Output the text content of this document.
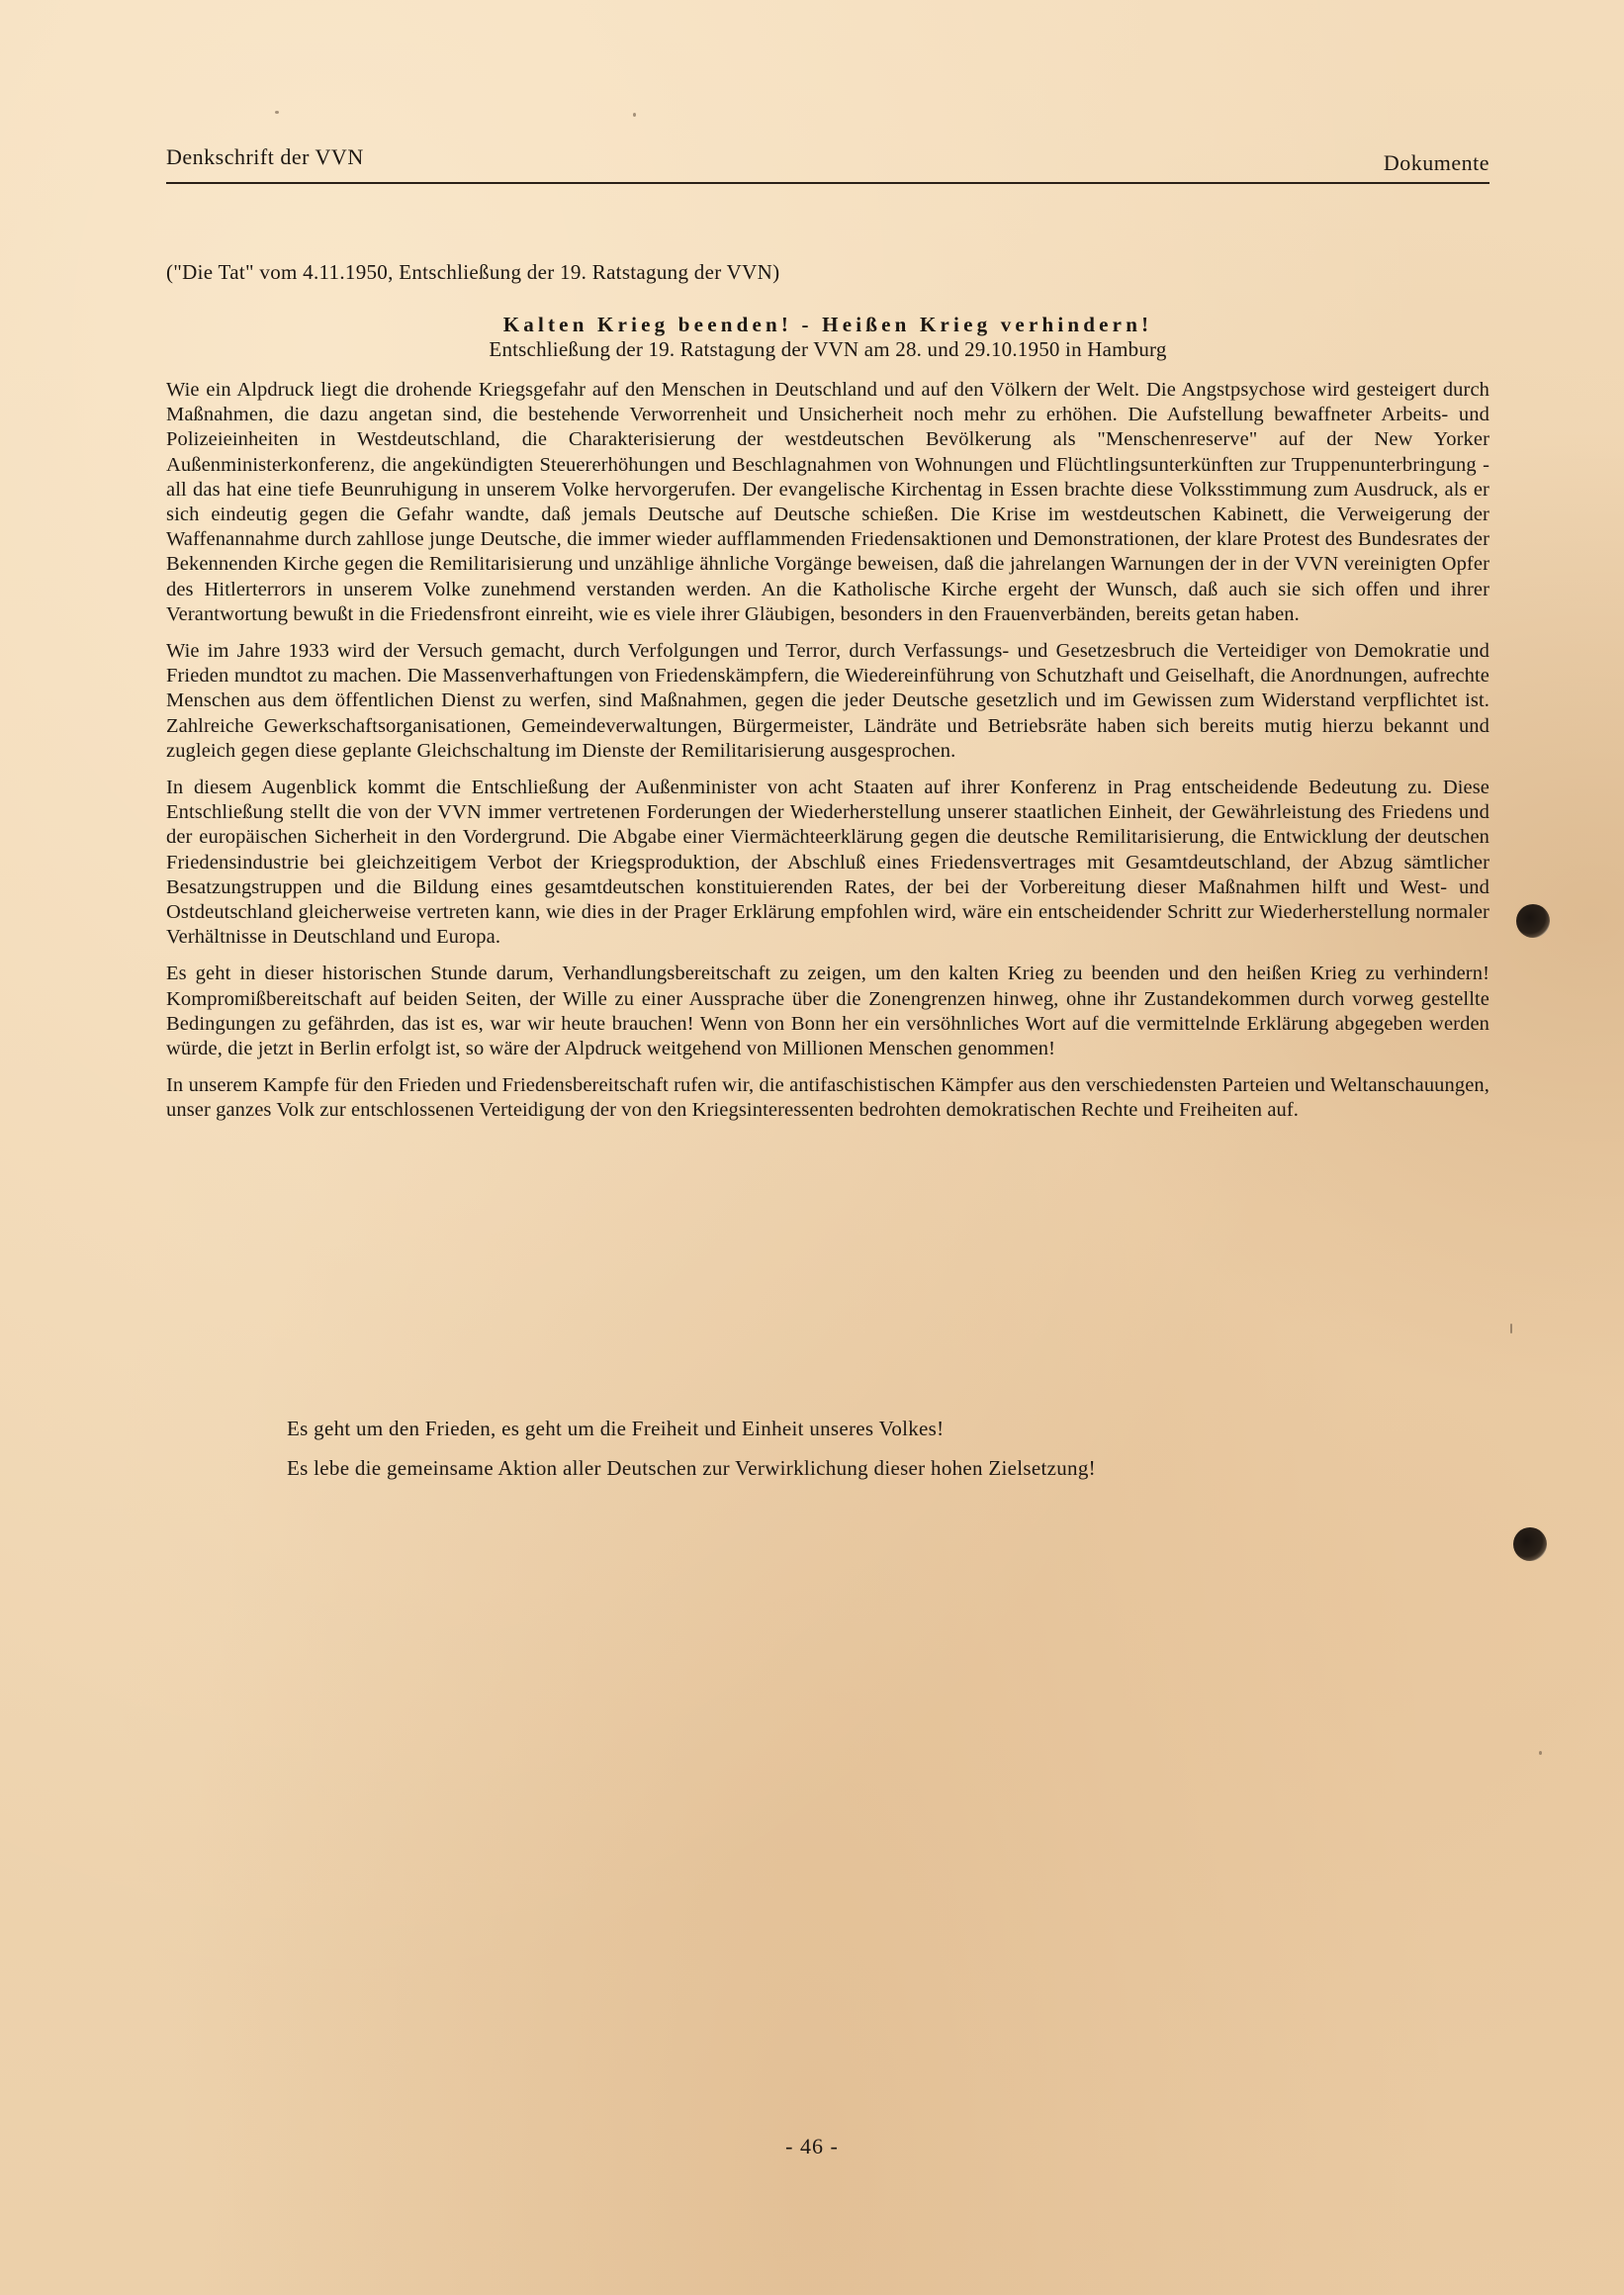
Denkschrift der VVN	Dokumente
("Die Tat" vom 4.11.1950, Entschließung der 19. Ratstagung der VVN)
Kalten Krieg beenden! - Heißen Krieg verhindern!
Entschließung der 19. Ratstagung der VVN am 28. und 29.10.1950 in Hamburg

Wie ein Alpdruck liegt die drohende Kriegsgefahr auf den Menschen in Deutschland und auf den Völkern der Welt. Die Angstpsychose wird gesteigert durch Maßnahmen, die dazu angetan sind, die bestehende Verworrenheit und Unsicherheit noch mehr zu erhöhen. Die Aufstellung bewaffneter Arbeits- und Polizeieinheiten in Westdeutschland, die Charakterisierung der westdeutschen Bevölkerung als "Menschenreserve" auf der New Yorker Außenministerkonferenz, die angekündigten Steuererhöhungen und Beschlagnahmen von Wohnungen und Flüchtlingsunterkünften zur Truppenunterbringung - all das hat eine tiefe Beunruhigung in unserem Volke hervorgerufen. Der evangelische Kirchentag in Essen brachte diese Volksstimmung zum Ausdruck, als er sich eindeutig gegen die Gefahr wandte, daß jemals Deutsche auf Deutsche schießen. Die Krise im westdeutschen Kabinett, die Verweigerung der Waffenannahme durch zahllose junge Deutsche, die immer wieder aufflammenden Friedensaktionen und Demonstrationen, der klare Protest des Bundesrates der Bekennenden Kirche gegen die Remilitarisierung und unzählige ähnliche Vorgänge beweisen, daß die jahrelangen Warnungen der in der VVN vereinigten Opfer des Hitlerterrors in unserem Volke zunehmend verstanden werden. An die Katholische Kirche ergeht der Wunsch, daß auch sie sich offen und ihrer Verantwortung bewußt in die Friedensfront einreiht, wie es viele ihrer Gläubigen, besonders in den Frauenverbänden, bereits getan haben.

Wie im Jahre 1933 wird der Versuch gemacht, durch Verfolgungen und Terror, durch Verfassungs- und Gesetzesbruch die Verteidiger von Demokratie und Frieden mundtot zu machen. Die Massenverhaftungen von Friedenskämpfern, die Wiedereinführung von Schutzhaft und Geiselhaft, die Anordnungen, aufrechte Menschen aus dem öffentlichen Dienst zu werfen, sind Maßnahmen, gegen die jeder Deutsche gesetzlich und im Gewissen zum Widerstand verpflichtet ist. Zahlreiche Gewerkschaftsorganisationen, Gemeindeverwaltungen, Bürgermeister, Ländräte und Betriebsräte haben sich bereits mutig hierzu bekannt und zugleich gegen diese geplante Gleichschaltung im Dienste der Remilitarisierung ausgesprochen.

In diesem Augenblick kommt die Entschließung der Außenminister von acht Staaten auf ihrer Konferenz in Prag entscheidende Bedeutung zu. Diese Entschließung stellt die von der VVN immer vertretenen Forderungen der Wiederherstellung unserer staatlichen Einheit, der Gewährleistung des Friedens und der europäischen Sicherheit in den Vordergrund. Die Abgabe einer Viermächteerklärung gegen die deutsche Remilitarisierung, die Entwicklung der deutschen Friedensindustrie bei gleichzeitigem Verbot der Kriegsproduktion, der Abschluß eines Friedensvertrages mit Gesamtdeutschland, der Abzug sämtlicher Besatzungstruppen und die Bildung eines gesamtdeutschen konstituierenden Rates, der bei der Vorbereitung dieser Maßnahmen hilft und West- und Ostdeutschland gleicherweise vertreten kann, wie dies in der Prager Erklärung empfohlen wird, wäre ein entscheidender Schritt zur Wiederherstellung normaler Verhältnisse in Deutschland und Europa.

Es geht in dieser historischen Stunde darum, Verhandlungsbereitschaft zu zeigen, um den kalten Krieg zu beenden und den heißen Krieg zu verhindern! Kompromißbereitschaft auf beiden Seiten, der Wille zu einer Aussprache über die Zonengrenzen hinweg, ohne ihr Zustandekommen durch vorweg gestellte Bedingungen zu gefährden, das ist es, war wir heute brauchen! Wenn von Bonn her ein versöhnliches Wort auf die vermittelnde Erklärung abgegeben werden würde, die jetzt in Berlin erfolgt ist, so wäre der Alpdruck weitgehend von Millionen Menschen genommen!

In unserem Kampfe für den Frieden und Friedensbereitschaft rufen wir, die antifaschistischen Kämpfer aus den verschiedensten Parteien und Weltanschauungen, unser ganzes Volk zur entschlossenen Verteidigung der von den Kriegsinteressenten bedrohten demokratischen Rechte und Freiheiten auf.

Es geht um den Frieden, es geht um die Freiheit und Einheit unseres Volkes!
Es lebe die gemeinsame Aktion aller Deutschen zur Verwirklichung dieser hohen Zielsetzung!
- 46 -
